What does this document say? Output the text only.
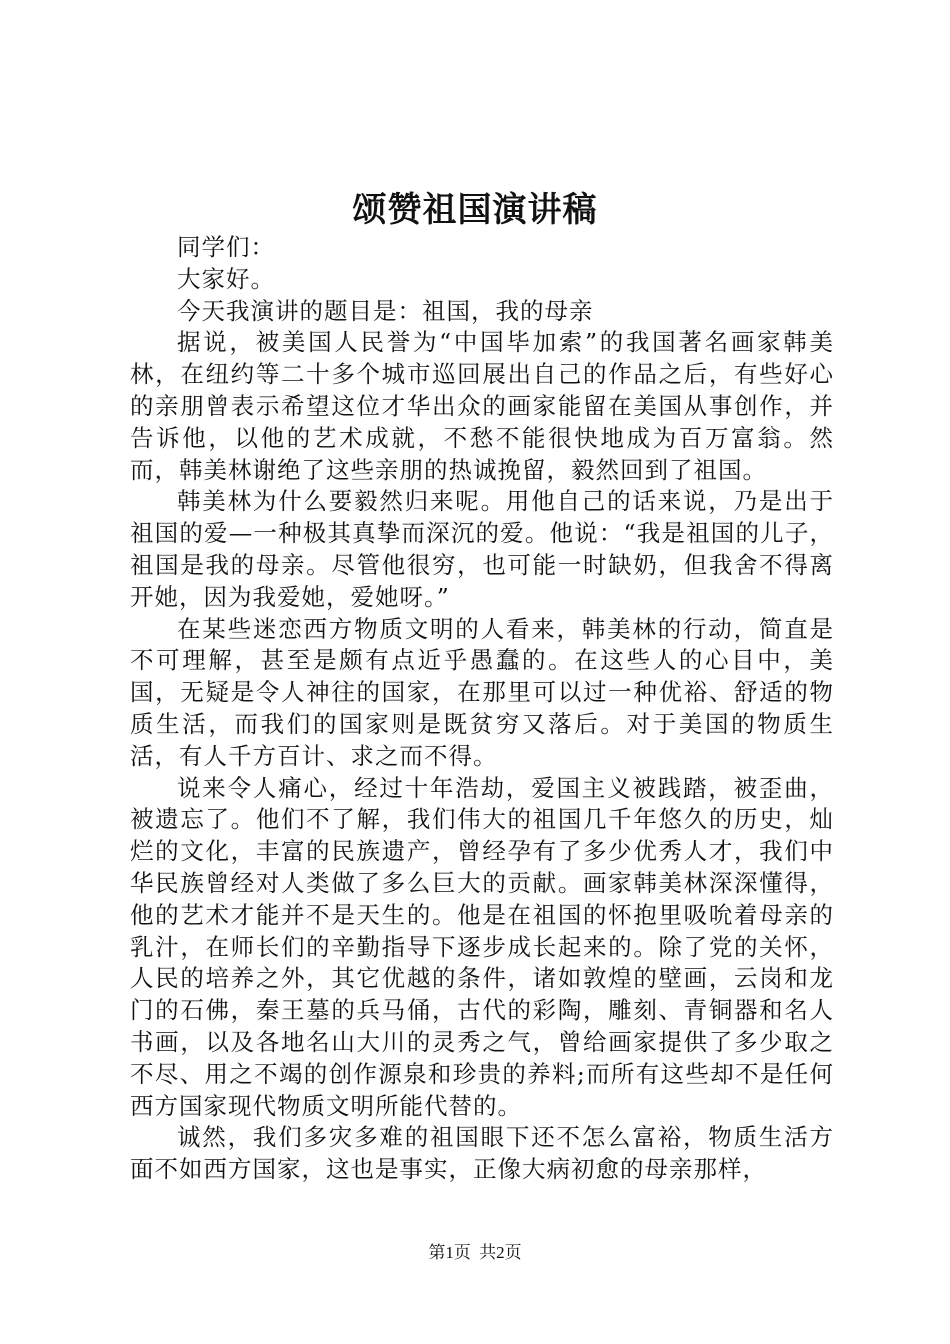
颂赞祖国演讲稿

同学们：

大家好。

今天我演讲的题目是：祖国，我的母亲

据说，被美国人民誉为“中国毕加索”的我国著名画家韩美林，在纽约等二十多个城市巡回展出自己的作品之后，有些好心的亲朋曾表示希望这位才华出众的画家能留在美国从事创作，并告诉他，以他的艺术成就，不愁不能很快地成为百万富翁。然而，韩美林谢绝了这些亲朋的热诚挽留，毅然回到了祖国。

韩美林为什么要毅然归来呢。用他自己的话来说，乃是出于祖国的爱—一种极其真挚而深沉的爱。他说：“我是祖国的儿子，祖国是我的母亲。尽管他很穷，也可能一时缺奶，但我舍不得离开她，因为我爱她，爱她呀。”

在某些迷恋西方物质文明的人看来，韩美林的行动，简直是不可理解，甚至是颇有点近乎愚蠢的。在这些人的心目中，美国，无疑是令人神往的国家，在那里可以过一种优裕、舒适的物质生活，而我们的国家则是既贫穷又落后。对于美国的物质生活，有人千方百计、求之而不得。

说来令人痛心，经过十年浩劫，爱国主义被践踏，被歪曲，被遗忘了。他们不了解，我们伟大的祖国几千年悠久的历史，灿烂的文化，丰富的民族遗产，曾经孕有了多少优秀人才，我们中华民族曾经对人类做了多么巨大的贡献。画家韩美林深深懂得，他的艺术才能并不是天生的。他是在祖国的怀抱里吸吮着母亲的乳汁，在师长们的辛勤指导下逐步成长起来的。除了党的关怀，人民的培养之外，其它优越的条件，诸如敦煌的壁画，云岗和龙门的石佛，秦王墓的兵马俑，古代的彩陶，雕刻、青铜器和名人书画，以及各地名山大川的灵秀之气，曾给画家提供了多少取之不尽、用之不竭的创作源泉和珍贵的养料;而所有这些却不是任何西方国家现代物质文明所能代替的。

诚然，我们多灾多难的祖国眼下还不怎么富裕，物质生活方面不如西方国家，这也是事实，正像大病初愈的母亲那样，

第1页 共2页
